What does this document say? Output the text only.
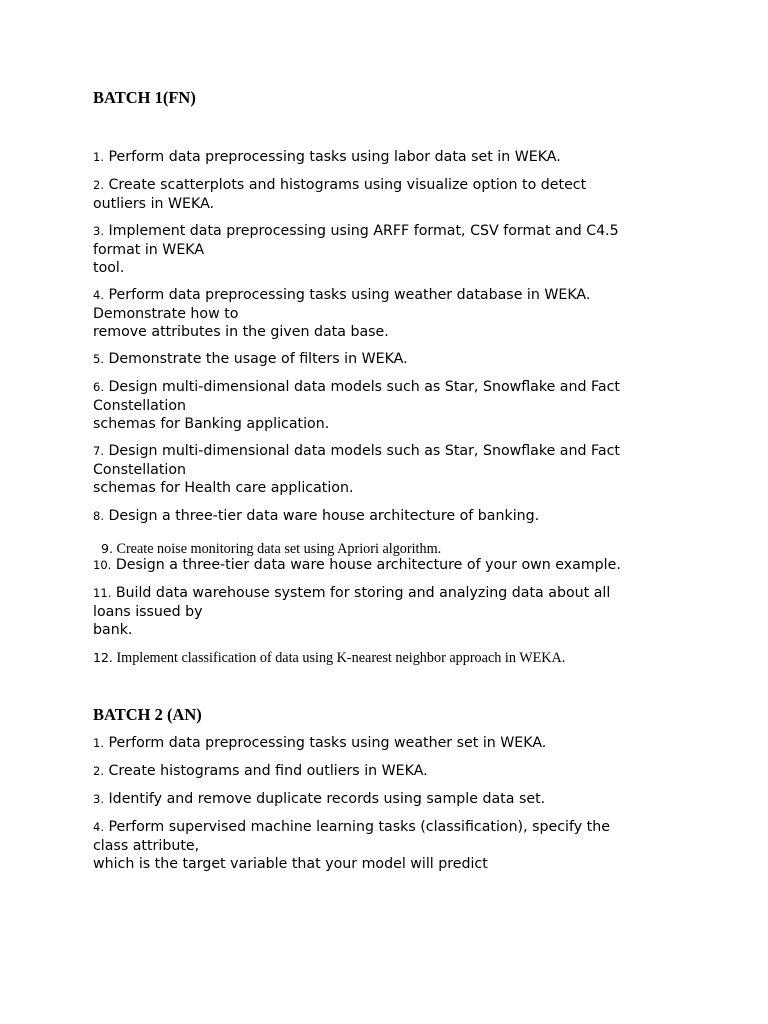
BATCH 1(FN)
1. Perform data preprocessing tasks using labor data set in WEKA.
2. Create scatterplots and histograms using visualize option to detect
outliers in WEKA.
3. Implement data preprocessing using ARFF format, CSV format and C4.5
format in WEKA
tool.
4. Perform data preprocessing tasks using weather database in WEKA.
Demonstrate how to
remove attributes in the given data base.
5. Demonstrate the usage of filters in WEKA.
6. Design multi-dimensional data models such as Star, Snowflake and Fact
Constellation
schemas for Banking application.
7. Design multi-dimensional data models such as Star, Snowflake and Fact
Constellation
schemas for Health care application.
8. Design a three-tier data ware house architecture of banking.
9. Create noise monitoring data set using Apriori algorithm.
10. Design a three-tier data ware house architecture of your own example.
11. Build data warehouse system for storing and analyzing data about all
loans issued by
bank.
12. Implement classification of data using K-nearest neighbor approach in WEKA.
BATCH 2 (AN)
1. Perform data preprocessing tasks using weather set in WEKA.
2. Create histograms and find outliers in WEKA.
3. Identify and remove duplicate records using sample data set.
4. Perform supervised machine learning tasks (classification), specify the
class attribute,
which is the target variable that your model will predict
